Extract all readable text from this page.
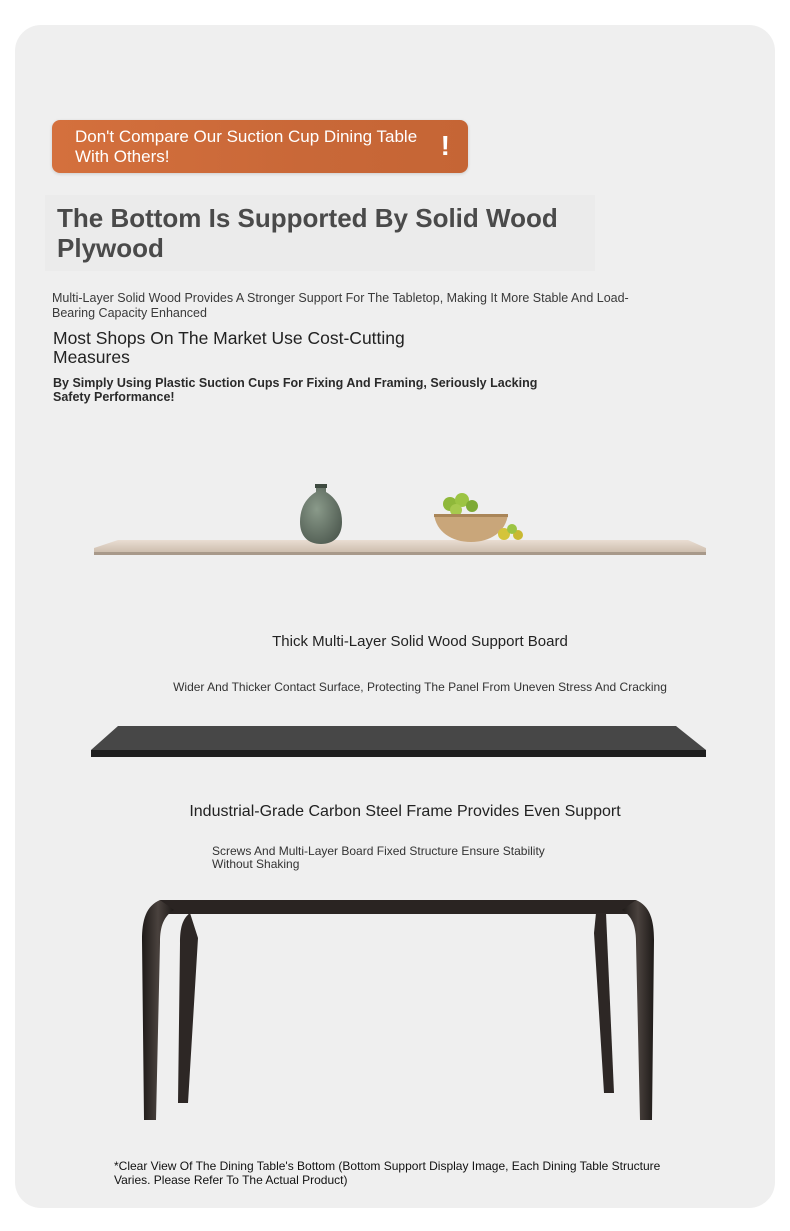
Don't Compare Our Suction Cup Dining Table With Others!	!
The Bottom Is Supported By Solid Wood Plywood
Multi-Layer Solid Wood Provides A Stronger Support For The Tabletop, Making It More Stable And Load-Bearing Capacity Enhanced
Most Shops On The Market Use Cost-Cutting Measures
By Simply Using Plastic Suction Cups For Fixing And Framing, Seriously Lacking Safety Performance!
Thick Multi-Layer Solid Wood Support Board
Wider And Thicker Contact Surface, Protecting The Panel From Uneven Stress And Cracking
Industrial-Grade Carbon Steel Frame Provides Even Support
Screws And Multi-Layer Board Fixed Structure Ensure Stability Without Shaking
*Clear View Of The Dining Table's Bottom (Bottom Support Display Image, Each Dining Table Structure Varies. Please Refer To The Actual Product)
